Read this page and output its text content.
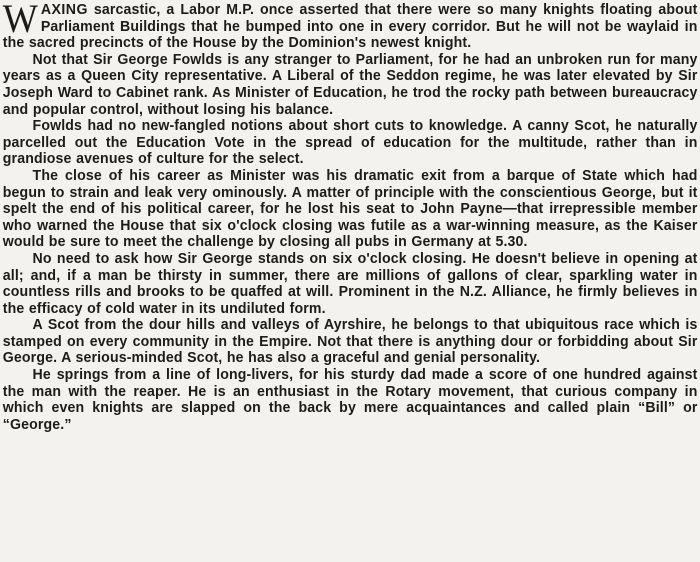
WAXING sarcastic, a Labor M.P. once asserted that there were so many knights floating about Parliament Buildings that he bumped into one in every corridor. But he will not be waylaid in the sacred precincts of the House by the Dominion's newest knight.

Not that Sir George Fowlds is any stranger to Parliament, for he had an unbroken run for many years as a Queen City representative. A Liberal of the Seddon regime, he was later elevated by Sir Joseph Ward to Cabinet rank. As Minister of Education, he trod the rocky path between bureaucracy and popular control, without losing his balance.

Fowlds had no new-fangled notions about short cuts to knowledge. A canny Scot, he naturally parcelled out the Education Vote in the spread of education for the multitude, rather than in grandiose avenues of culture for the select.

The close of his career as Minister was his dramatic exit from a barque of State which had begun to strain and leak very ominously. A matter of principle with the conscientious George, but it spelt the end of his political career, for he lost his seat to John Payne—that irrepressible member who warned the House that six o'clock closing was futile as a war-winning measure, as the Kaiser would be sure to meet the challenge by closing all pubs in Germany at 5.30.

No need to ask how Sir George stands on six o'clock closing. He doesn't believe in opening at all; and, if a man be thirsty in summer, there are millions of gallons of clear, sparkling water in countless rills and brooks to be quaffed at will. Prominent in the N.Z. Alliance, he firmly believes in the efficacy of cold water in its undiluted form.

A Scot from the dour hills and valleys of Ayrshire, he belongs to that ubiquitous race which is stamped on every community in the Empire. Not that there is anything dour or forbidding about Sir George. A serious-minded Scot, he has also a graceful and genial personality.

He springs from a line of long-livers, for his sturdy dad made a score of one hundred against the man with the reaper. He is an enthusiast in the Rotary movement, that curious company in which even knights are slapped on the back by mere acquaintances and called plain “Bill” or “George.”
